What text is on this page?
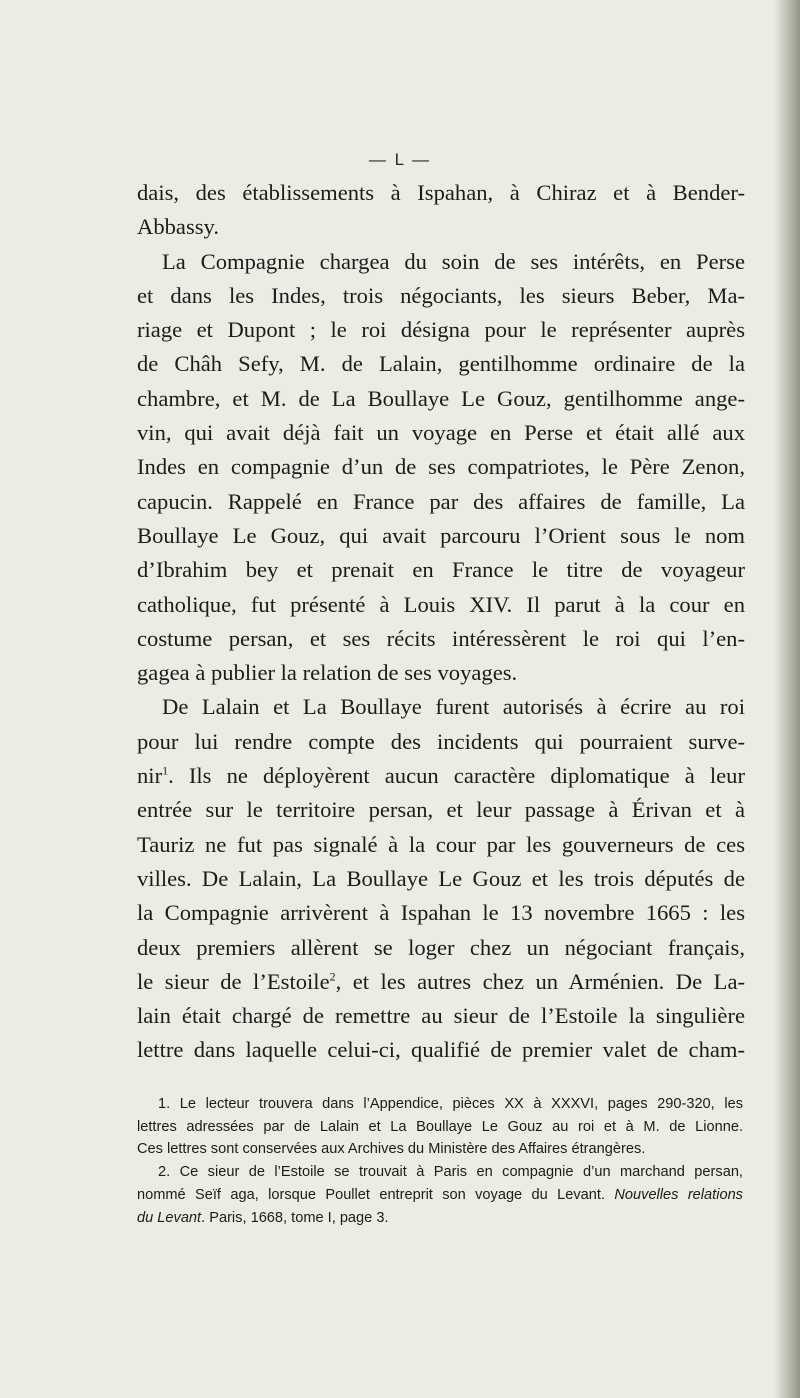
— L —
dais, des établissements à Ispahan, à Chiraz et à Bender-
Abbassy.
La Compagnie chargea du soin de ses intérêts, en Perse
et dans les Indes, trois négociants, les sieurs Beber, Ma-
riage et Dupont ; le roi désigna pour le représenter auprès
de Châh Sefy, M. de Lalain, gentilhomme ordinaire de la
chambre, et M. de La Boullaye Le Gouz, gentilhomme ange-
vin, qui avait déjà fait un voyage en Perse et était allé aux
Indes en compagnie d’un de ses compatriotes, le Père Zenon,
capucin. Rappelé en France par des affaires de famille, La
Boullaye Le Gouz, qui avait parcouru l’Orient sous le nom
d’Ibrahim bey et prenait en France le titre de voyageur
catholique, fut présenté à Louis XIV. Il parut à la cour en
costume persan, et ses récits intéressèrent le roi qui l’en-
gagea à publier la relation de ses voyages.
De Lalain et La Boullaye furent autorisés à écrire au roi
pour lui rendre compte des incidents qui pourraient surve-
nir$^1$. Ils ne déployèrent aucun caractère diplomatique à leur
entrée sur le territoire persan, et leur passage à Érivan et à
Tauriz ne fut pas signalé à la cour par les gouverneurs de ces
villes. De Lalain, La Boullaye Le Gouz et les trois députés de
la Compagnie arrivèrent à Ispahan le 13 novembre 1665 : les
deux premiers allèrent se loger chez un négociant français,
le sieur de l’Estoile$^2$, et les autres chez un Arménien. De La-
lain était chargé de remettre au sieur de l’Estoile la singulière
lettre dans laquelle celui-ci, qualifié de premier valet de cham-
1. Le lecteur trouvera dans l’Appendice, pièces XX à XXXVI, pages 290-320, les
lettres adressées par de Lalain et La Boullaye Le Gouz au roi et à M. de Lionne.
Ces lettres sont conservées aux Archives du Ministère des Affaires étrangères.
2. Ce sieur de l’Estoile se trouvait à Paris en compagnie d’un marchand persan,
nommé Seïf aga, lorsque Poullet entreprit son voyage du Levant. Nouvelles relations
du Levant. Paris, 1668, tome I, page 3.
